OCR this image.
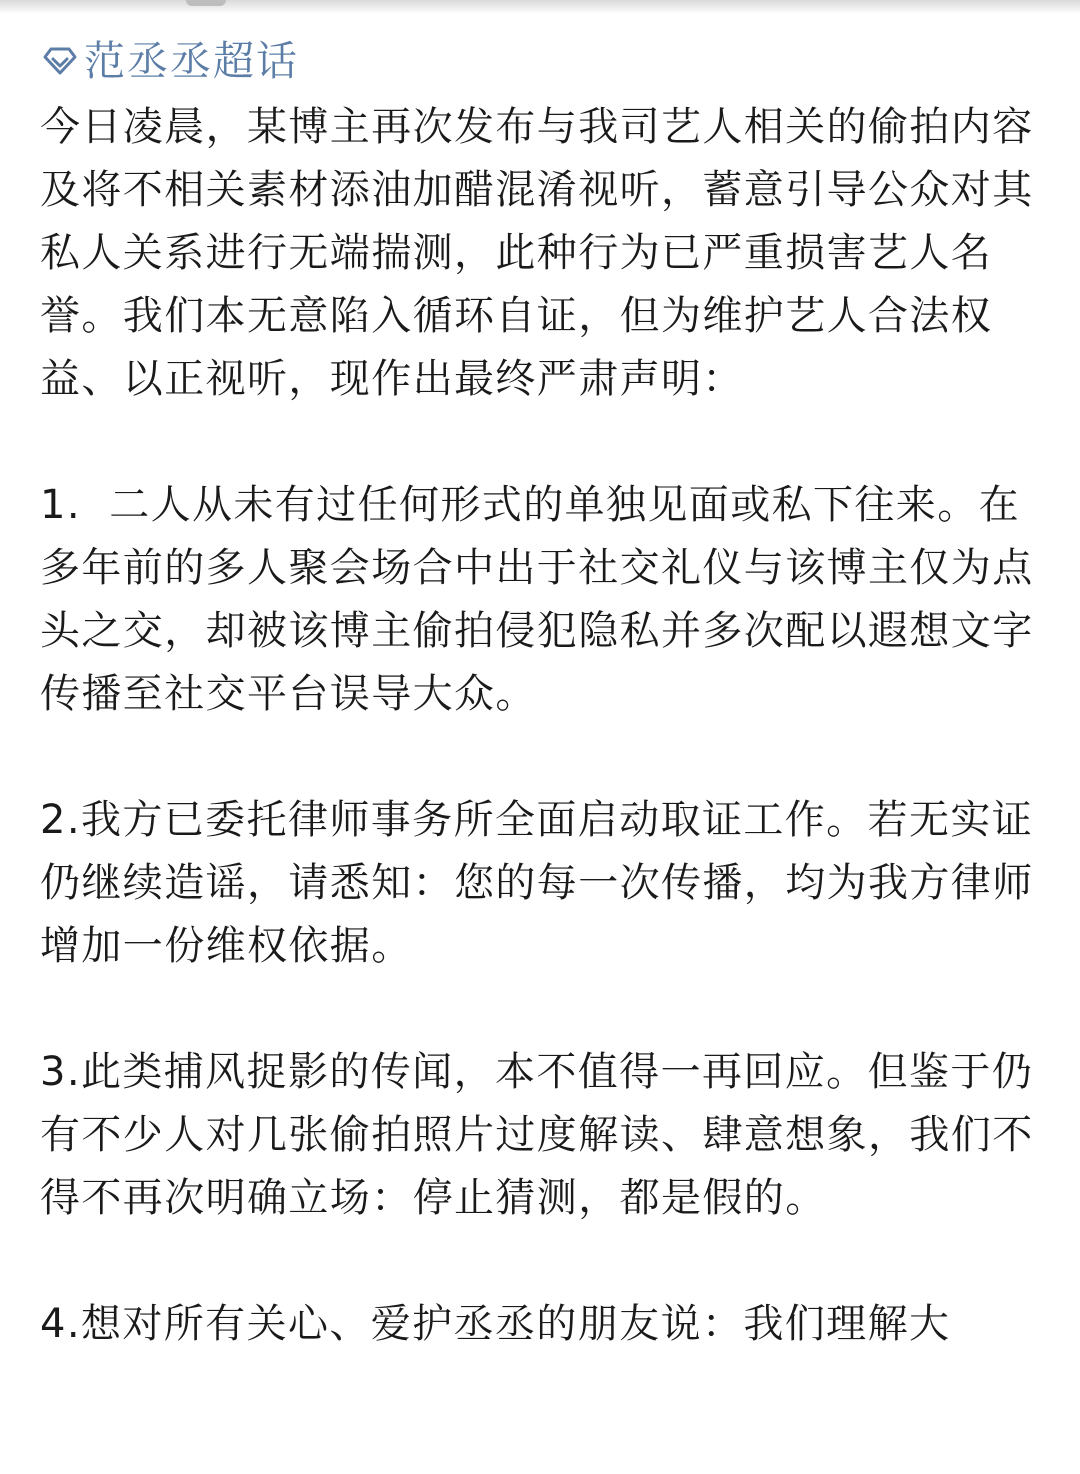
范丞丞超话

今日凌晨，某博主再次发布与我司艺人相关的偷拍内容及将不相关素材添油加醋混淆视听，蓄意引导公众对其私人关系进行无端揣测，此种行为已严重损害艺人名誉。我们本无意陷入循环自证，但为维护艺人合法权益、以正视听，现作出最终严肃声明：

1.  二人从未有过任何形式的单独见面或私下往来。在多年前的多人聚会场合中出于社交礼仪与该博主仅为点头之交，却被该博主偷拍侵犯隐私并多次配以遐想文字传播至社交平台误导大众。

2.我方已委托律师事务所全面启动取证工作。若无实证仍继续造谣，请悉知：您的每一次传播，均为我方律师增加一份维权依据。

3.此类捕风捉影的传闻，本不值得一再回应。但鉴于仍有不少人对几张偷拍照片过度解读、肆意想象，我们不得不再次明确立场：停止猜测，都是假的。

4.想对所有关心、爱护丞丞的朋友说：我们理解大
